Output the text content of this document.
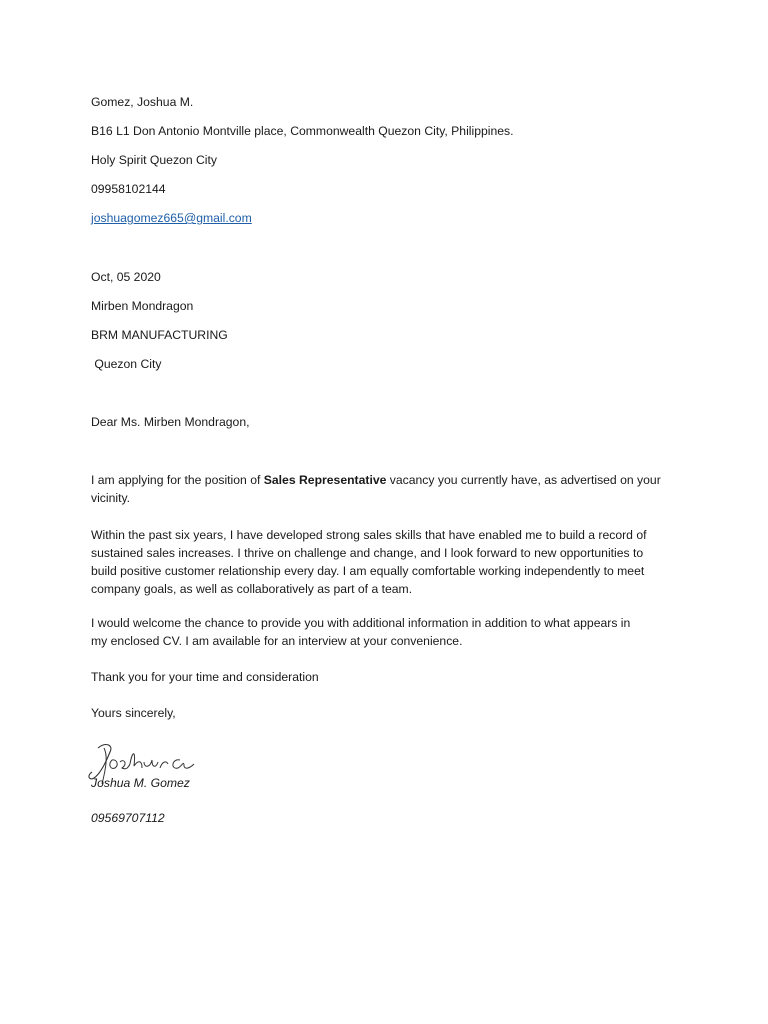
Gomez, Joshua M.
B16 L1 Don Antonio Montville place, Commonwealth Quezon City, Philippines.
Holy Spirit Quezon City
09958102144
joshuagomez665@gmail.com
Oct, 05 2020
Mirben Mondragon
BRM MANUFACTURING
Quezon City
Dear Ms. Mirben Mondragon,
I am applying for the position of Sales Representative vacancy you currently have, as advertised on your
vicinity.
Within the past six years, I have developed strong sales skills that have enabled me to build a record of
sustained sales increases. I thrive on challenge and change, and I look forward to new opportunities to
build positive customer relationship every day. I am equally comfortable working independently to meet
company goals, as well as collaboratively as part of a team.
I would welcome the chance to provide you with additional information in addition to what appears in
my enclosed CV. I am available for an interview at your convenience.
Thank you for your time and consideration
Yours sincerely,
Joshua M. Gomez
09569707112
